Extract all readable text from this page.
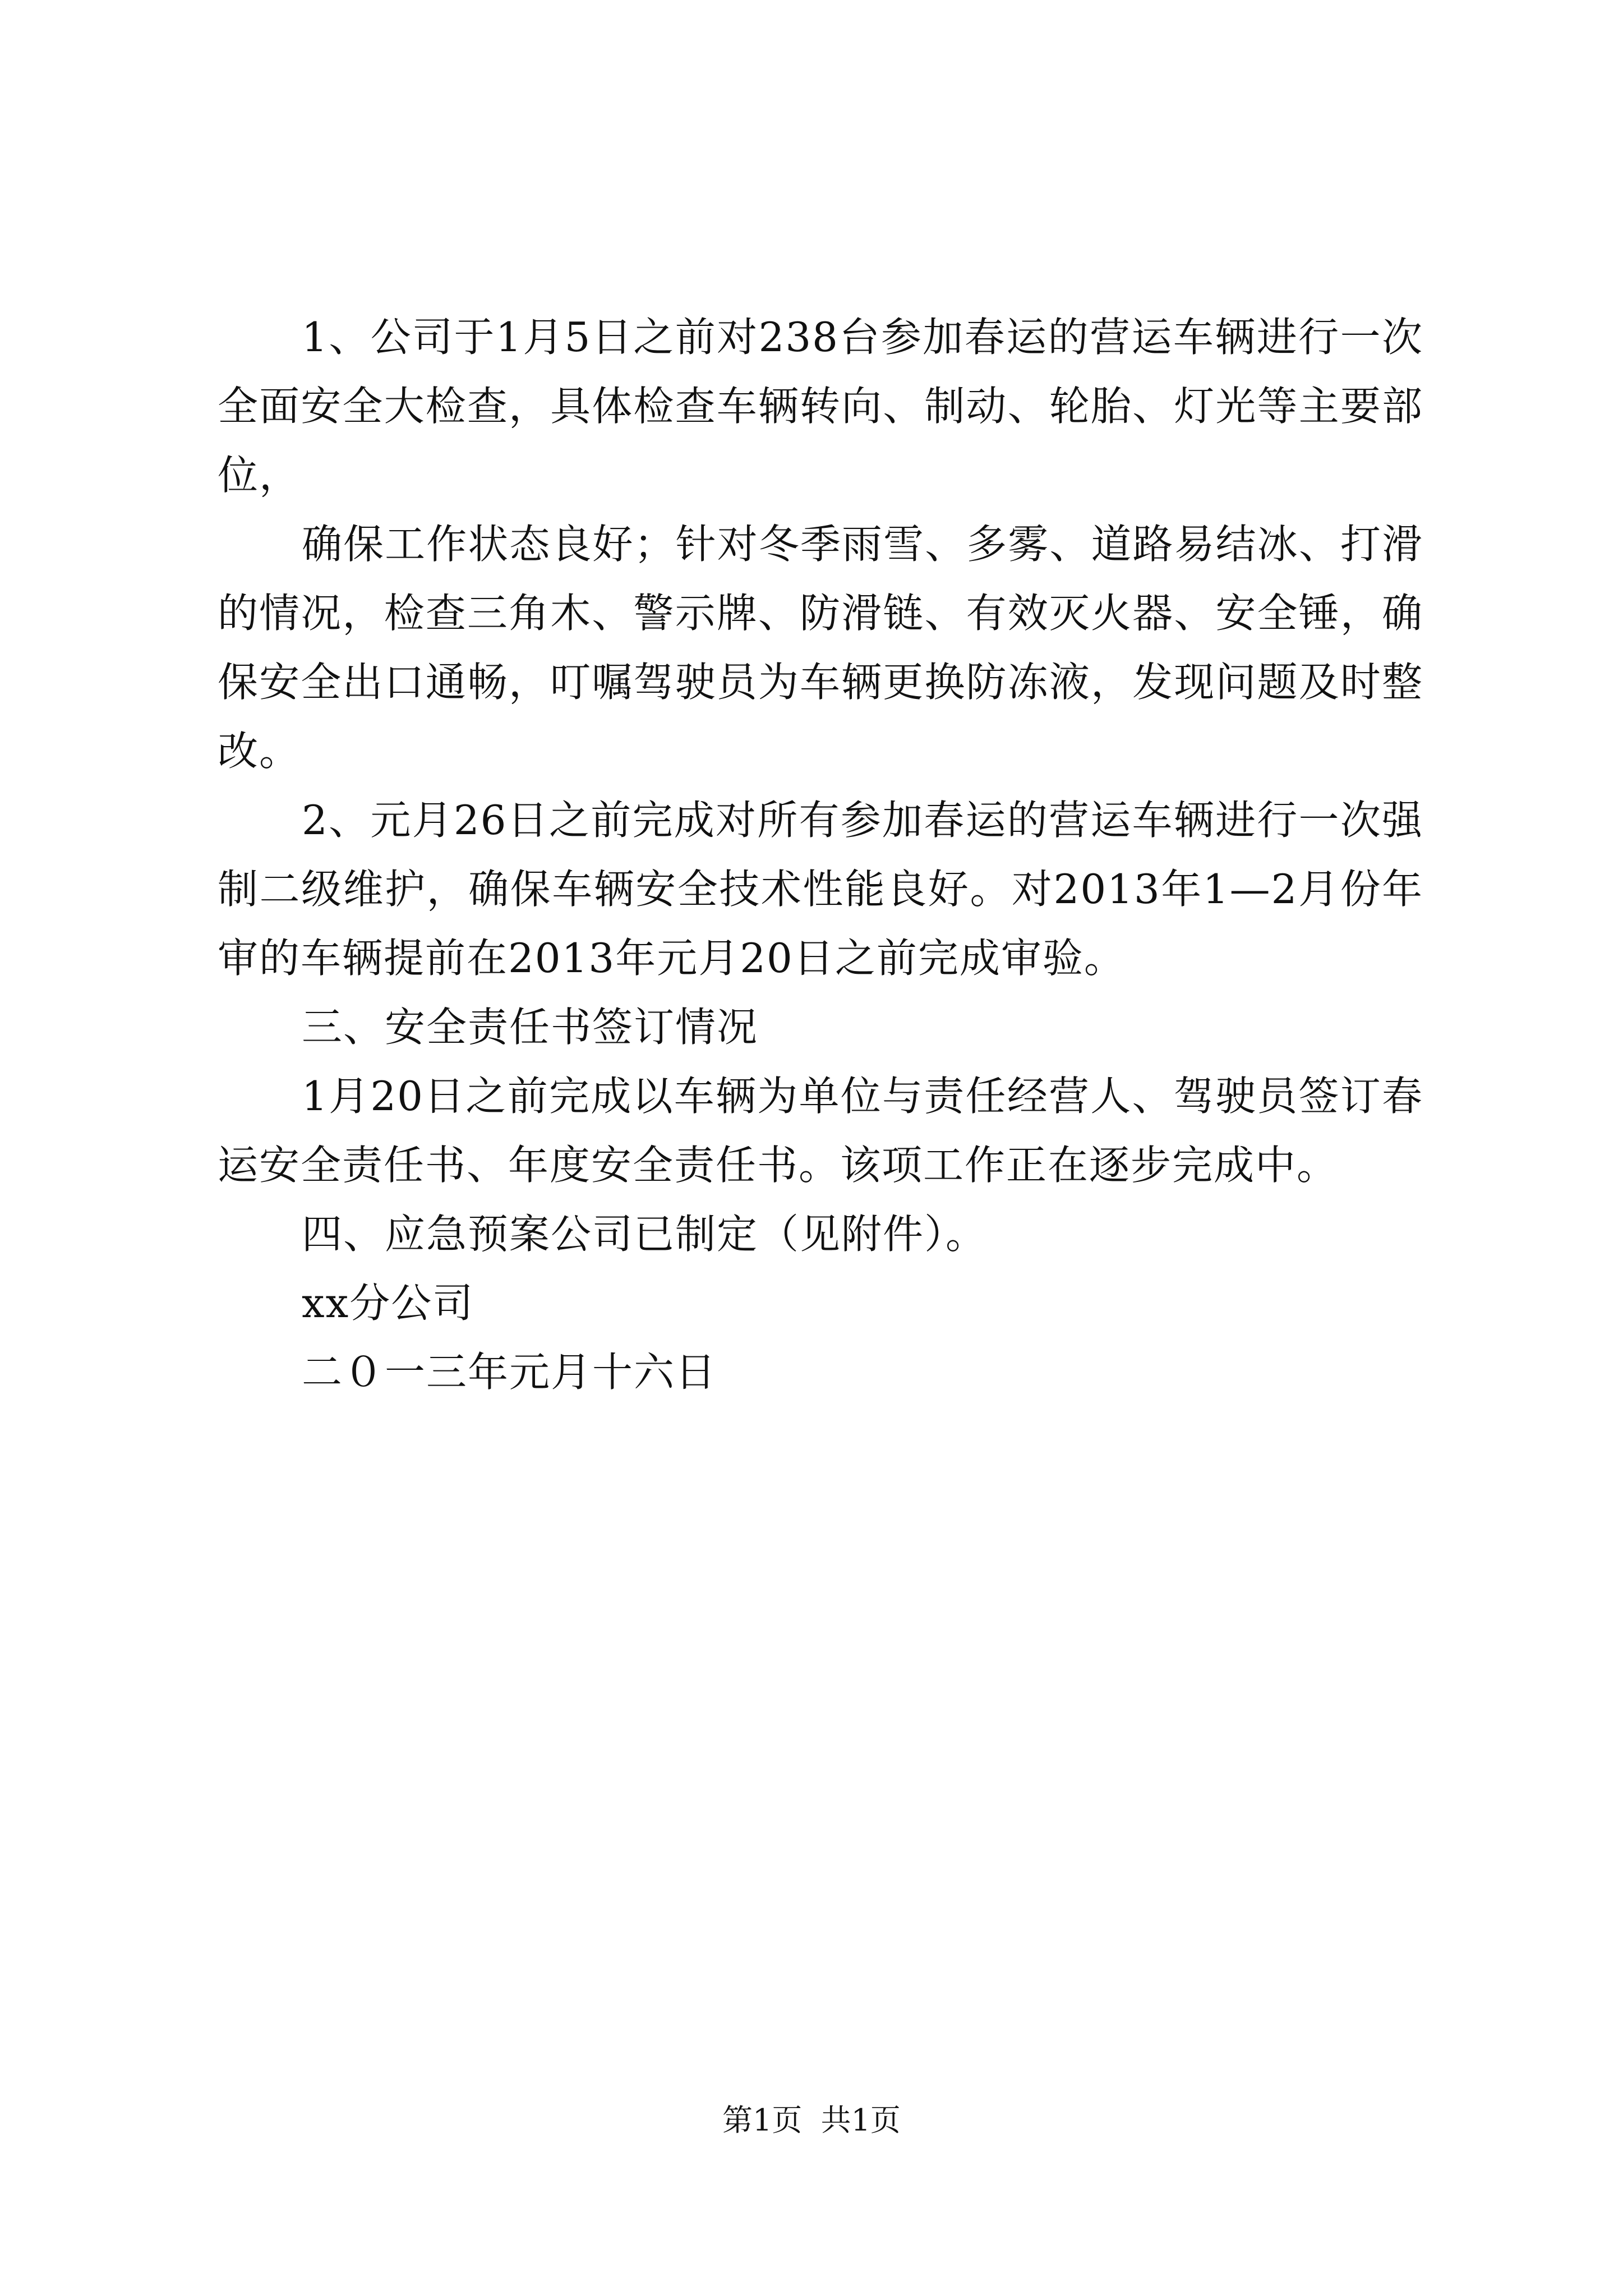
1、公司于1月5日之前对238台参加春运的营运车辆进行一次全面安全大检查，具体检查车辆转向、制动、轮胎、灯光等主要部位，

确保工作状态良好；针对冬季雨雪、多雾、道路易结冰、打滑的情况，检查三角木、警示牌、防滑链、有效灭火器、安全锤，确保安全出口通畅，叮嘱驾驶员为车辆更换防冻液，发现问题及时整改。

2、元月26日之前完成对所有参加春运的营运车辆进行一次强制二级维护，确保车辆安全技术性能良好。对2013年1—2月份年审的车辆提前在2013年元月20日之前完成审验。

三、安全责任书签订情况

1月20日之前完成以车辆为单位与责任经营人、驾驶员签订春运安全责任书、年度安全责任书。该项工作正在逐步完成中。

四、应急预案公司已制定（见附件）。

xx分公司

二０一三年元月十六日

第1页 共1页
